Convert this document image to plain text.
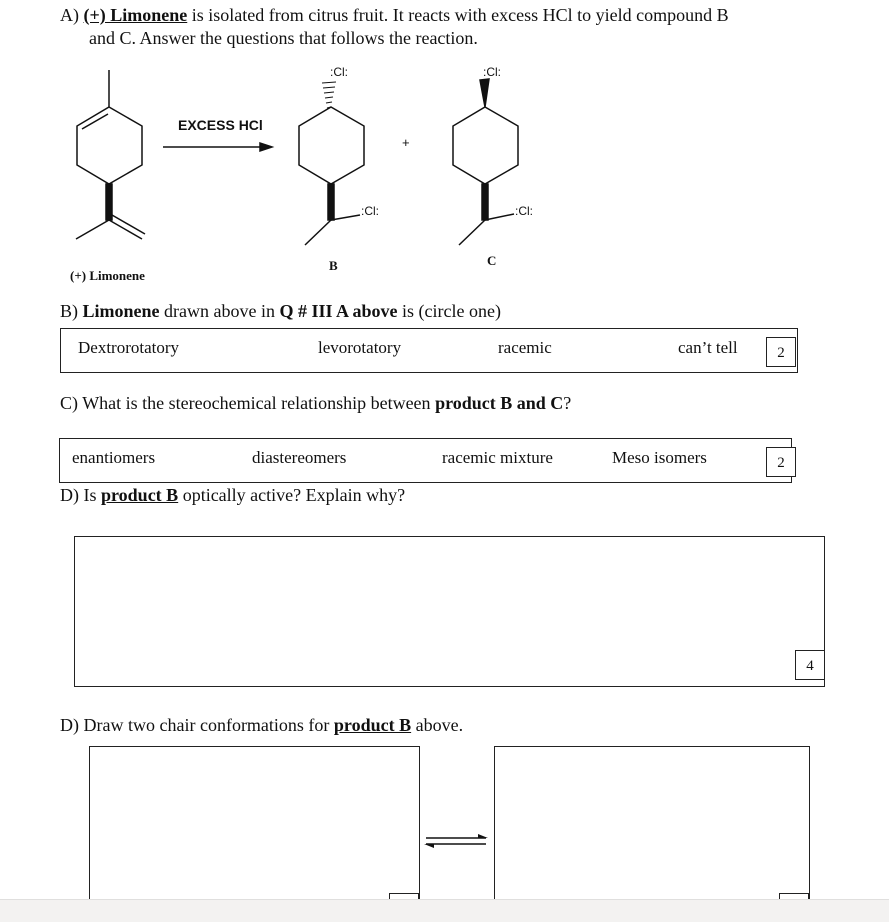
A) (+) Limonene is isolated from citrus fruit. It reacts with excess HCl to yield compound B
and C. Answer the questions that follows the reaction.
EXCESS HCl
+
:Cl:
:Cl:
:Cl:
:Cl:
B	C
(+) Limonene
B) Limonene drawn above in Q # III A above is (circle one)
Dextrorotatory	levorotatory	racemic	can’t tell	2
C) What is the stereochemical relationship between product B and C?
enantiomers	diastereomers	racemic mixture	Meso isomers	2
D) Is product B optically active? Explain why?
4
D) Draw two chair conformations for product B above.
